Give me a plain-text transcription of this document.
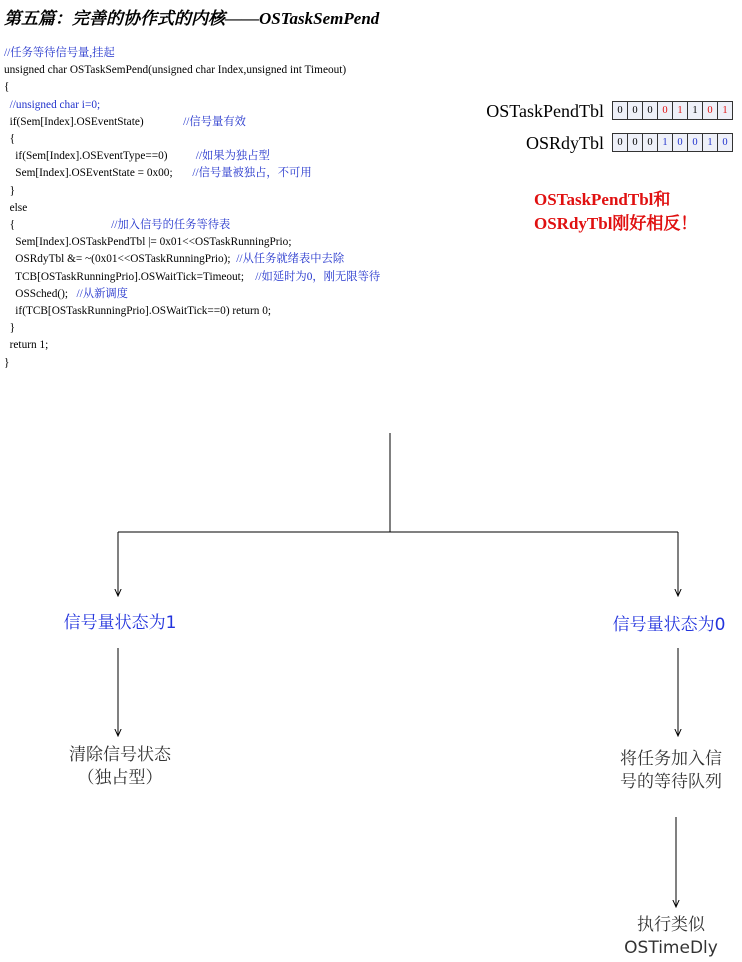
第五篇：完善的协作式的内核——OSTaskSemPend
//任务等待信号量,挂起
unsigned char OSTaskSemPend(unsigned char Index,unsigned int Timeout)
{
//unsigned char i=0;
if(Sem[Index].OSEventState)              //信号量有效
{
if(Sem[Index].OSEventType==0)          //如果为独占型
Sem[Index].OSEventState = 0x00;       //信号量被独占，不可用
}
else
{                                  //加入信号的任务等待表
Sem[Index].OSTaskPendTbl |= 0x01<<OSTaskRunningPrio;
OSRdyTbl &= ~(0x01<<OSTaskRunningPrio);  //从任务就绪表中去除
TCB[OSTaskRunningPrio].OSWaitTick=Timeout;    //如延时为0，刚无限等待
OSSched();   //从新调度
if(TCB[OSTaskRunningPrio].OSWaitTick==0) return 0;
}
return 1;
}
OSTaskPendTbl	0 0 0 0 1 1 0 1
OSRdyTbl	0 0 0 1 0 0 1 0
OSTaskPendTbl和
OSRdyTbl刚好相反！
信号量状态为1	信号量状态为0
清除信号状态
（独占型）
将任务加入信
号的等待队列
执行类似
OSTimeDly
